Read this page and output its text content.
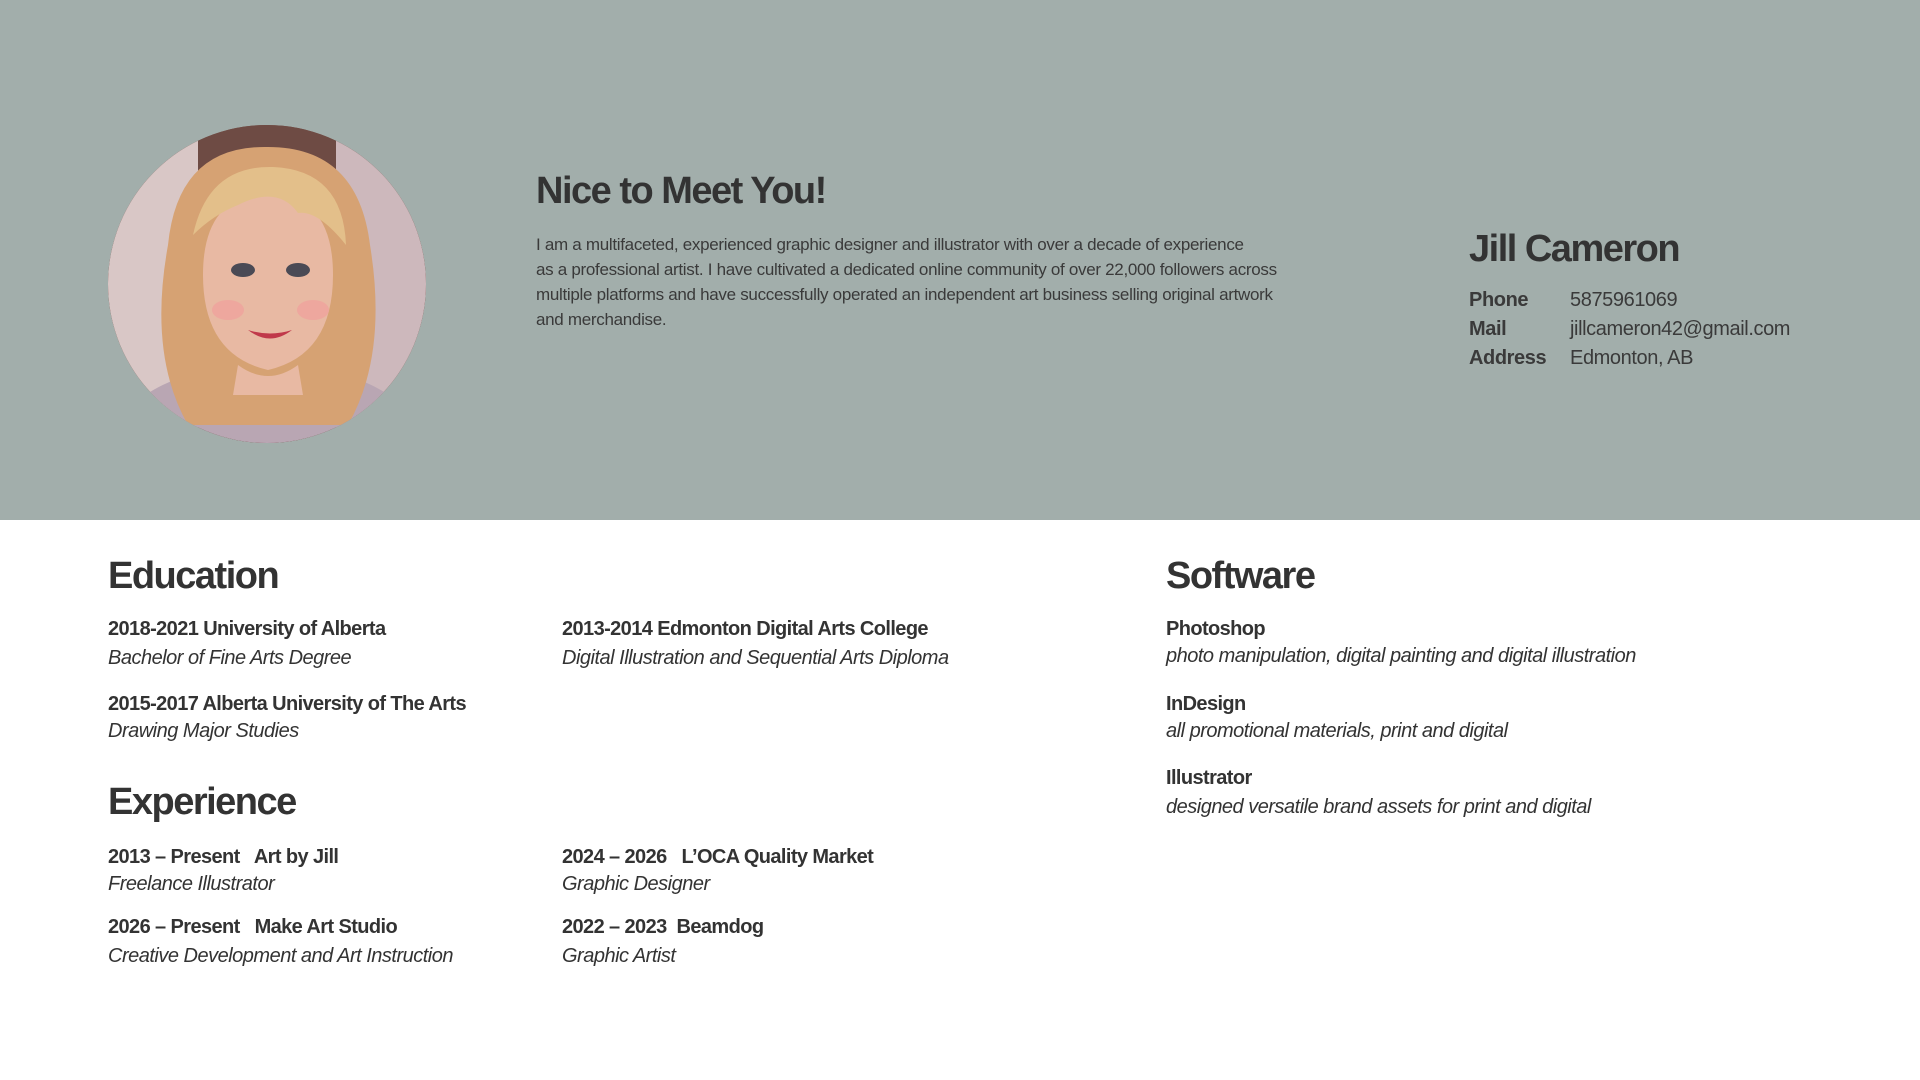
Nice to Meet You!

I am a multifaceted, experienced graphic designer and illustrator with over a decade of experience
as a professional artist. I have cultivated a dedicated online community of over 22,000 followers across
multiple platforms and have successfully operated an independent art business selling original artwork
and merchandise.

Jill Cameron
Phone	5875961069
Mail	jillcameron42@gmail.com
Address	Edmonton, AB
Education
2018-2021 University of Alberta
Bachelor of Fine Arts Degree
2013-2014 Edmonton Digital Arts College
Digital Illustration and Sequential Arts Diploma
2015-2017 Alberta University of The Arts
Drawing Major Studies
Experience
2013 – Present   Art by Jill
Freelance Illustrator
2024 – 2026   L’OCA Quality Market
Graphic Designer
2026 – Present   Make Art Studio
Creative Development and Art Instruction
2022 – 2023  Beamdog
Graphic Artist
Software
Photoshop
photo manipulation, digital painting and digital illustration
InDesign
all promotional materials, print and digital
Illustrator
designed versatile brand assets for print and digital
